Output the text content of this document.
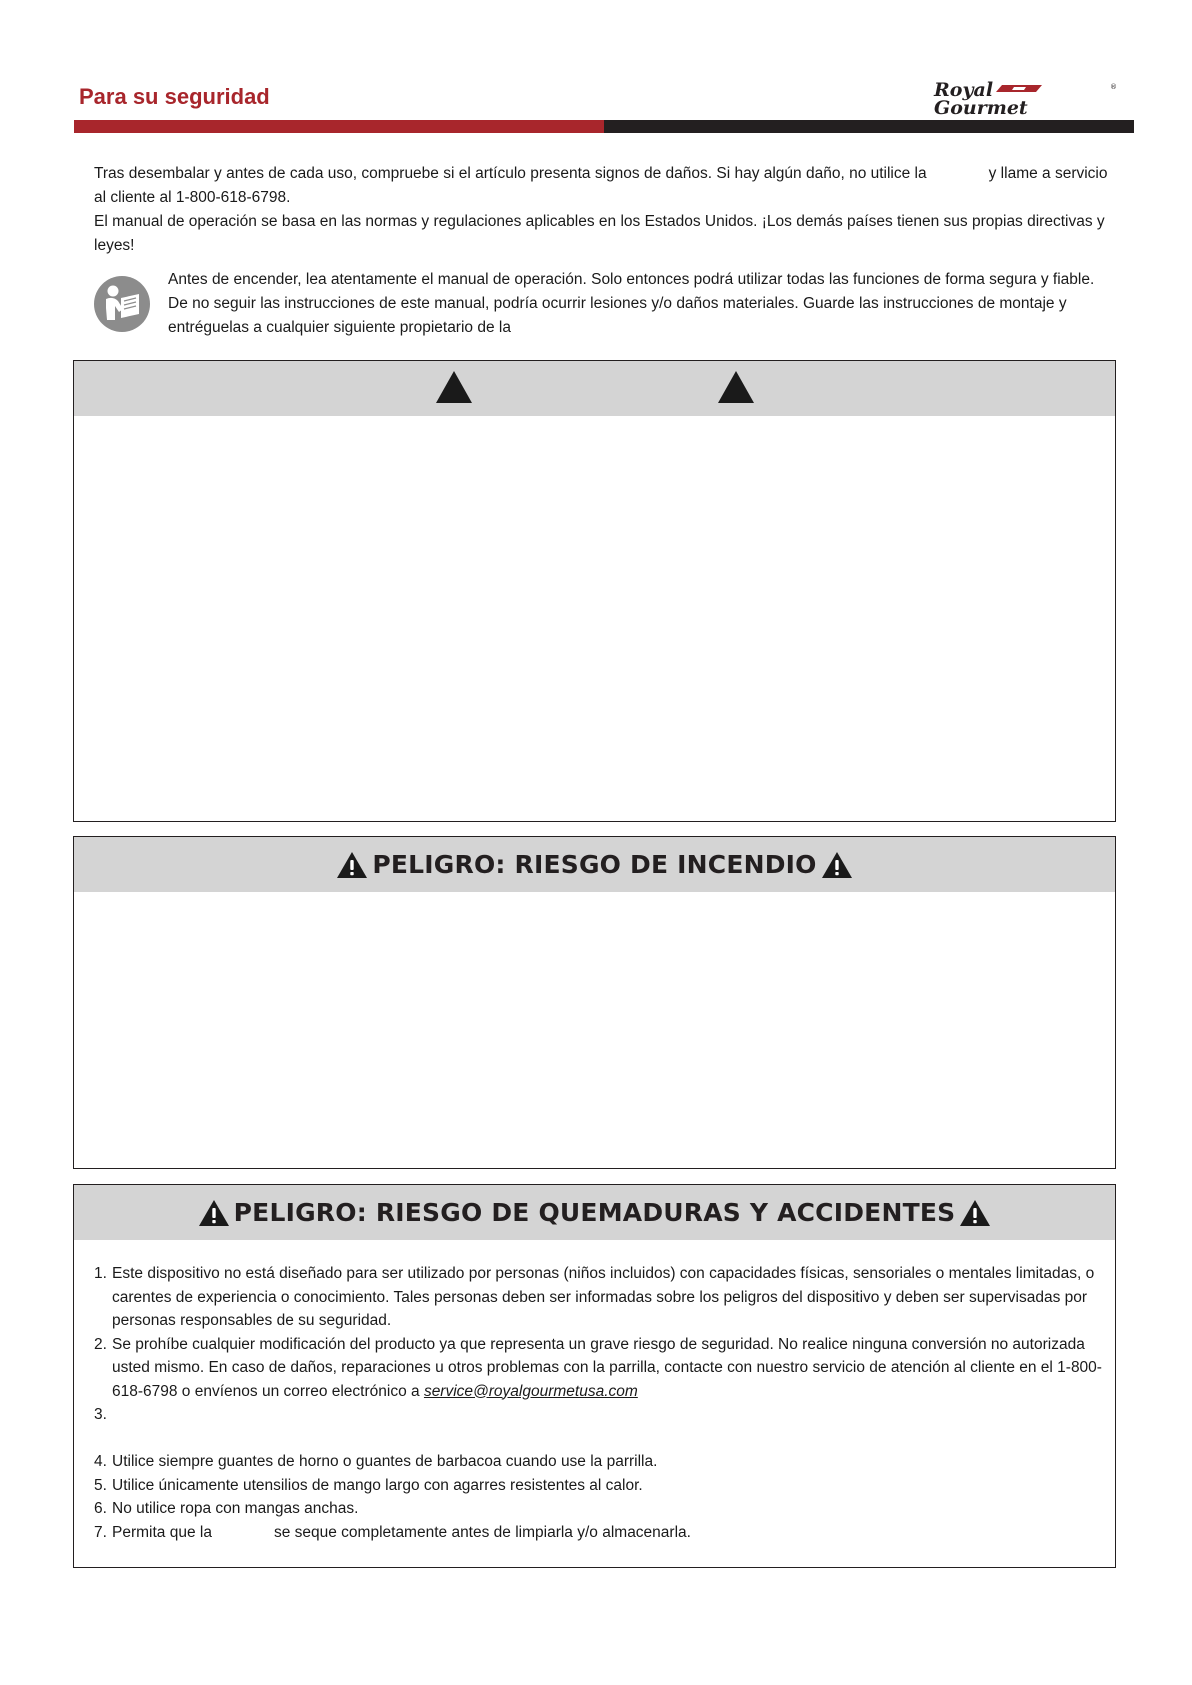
Para su seguridad	Royal
Gourmet
®

Tras desembalar y antes de cada uso, compruebe si el artículo presenta signos de daños. Si hay algún daño, no utilice la	y llame a servicio al cliente al 1-800-618-6798.

El manual de operación se basa en las normas y regulaciones aplicables en los Estados Unidos. ¡Los demás países tienen sus propias directivas y leyes!

Antes de encender, lea atentamente el manual de operación. Solo entonces podrá utilizar todas las funciones de forma segura y fiable. De no seguir las instrucciones de este manual, podría ocurrir lesiones y/o daños materiales. Guarde las instrucciones de montaje y entréguelas a cualquier siguiente propietario de la
PELIGRO: RIESGO DE INCENDIO
PELIGRO: RIESGO DE QUEMADURAS Y ACCIDENTES
1. Este dispositivo no está diseñado para ser utilizado por personas (niños incluidos) con capacidades físicas, sensoriales o mentales limitadas, o carentes de experiencia o conocimiento. Tales personas deben ser informadas sobre los peligros del dispositivo y deben ser supervisadas por personas responsables de su seguridad.
2. Se prohíbe cualquier modificación del producto ya que representa un grave riesgo de seguridad. No realice ninguna conversión no autorizada usted mismo. En caso de daños, reparaciones u otros problemas con la parrilla, contacte con nuestro servicio de atención al cliente en el 1-800-618-6798 o envíenos un correo electrónico a service@royalgourmetusa.com
3.
4. Utilice siempre guantes de horno o guantes de barbacoa cuando use la parrilla.
5. Utilice únicamente utensilios de mango largo con agarres resistentes al calor.
6. No utilice ropa con mangas anchas.
7. Permita que la	se seque completamente antes de limpiarla y/o almacenarla.
